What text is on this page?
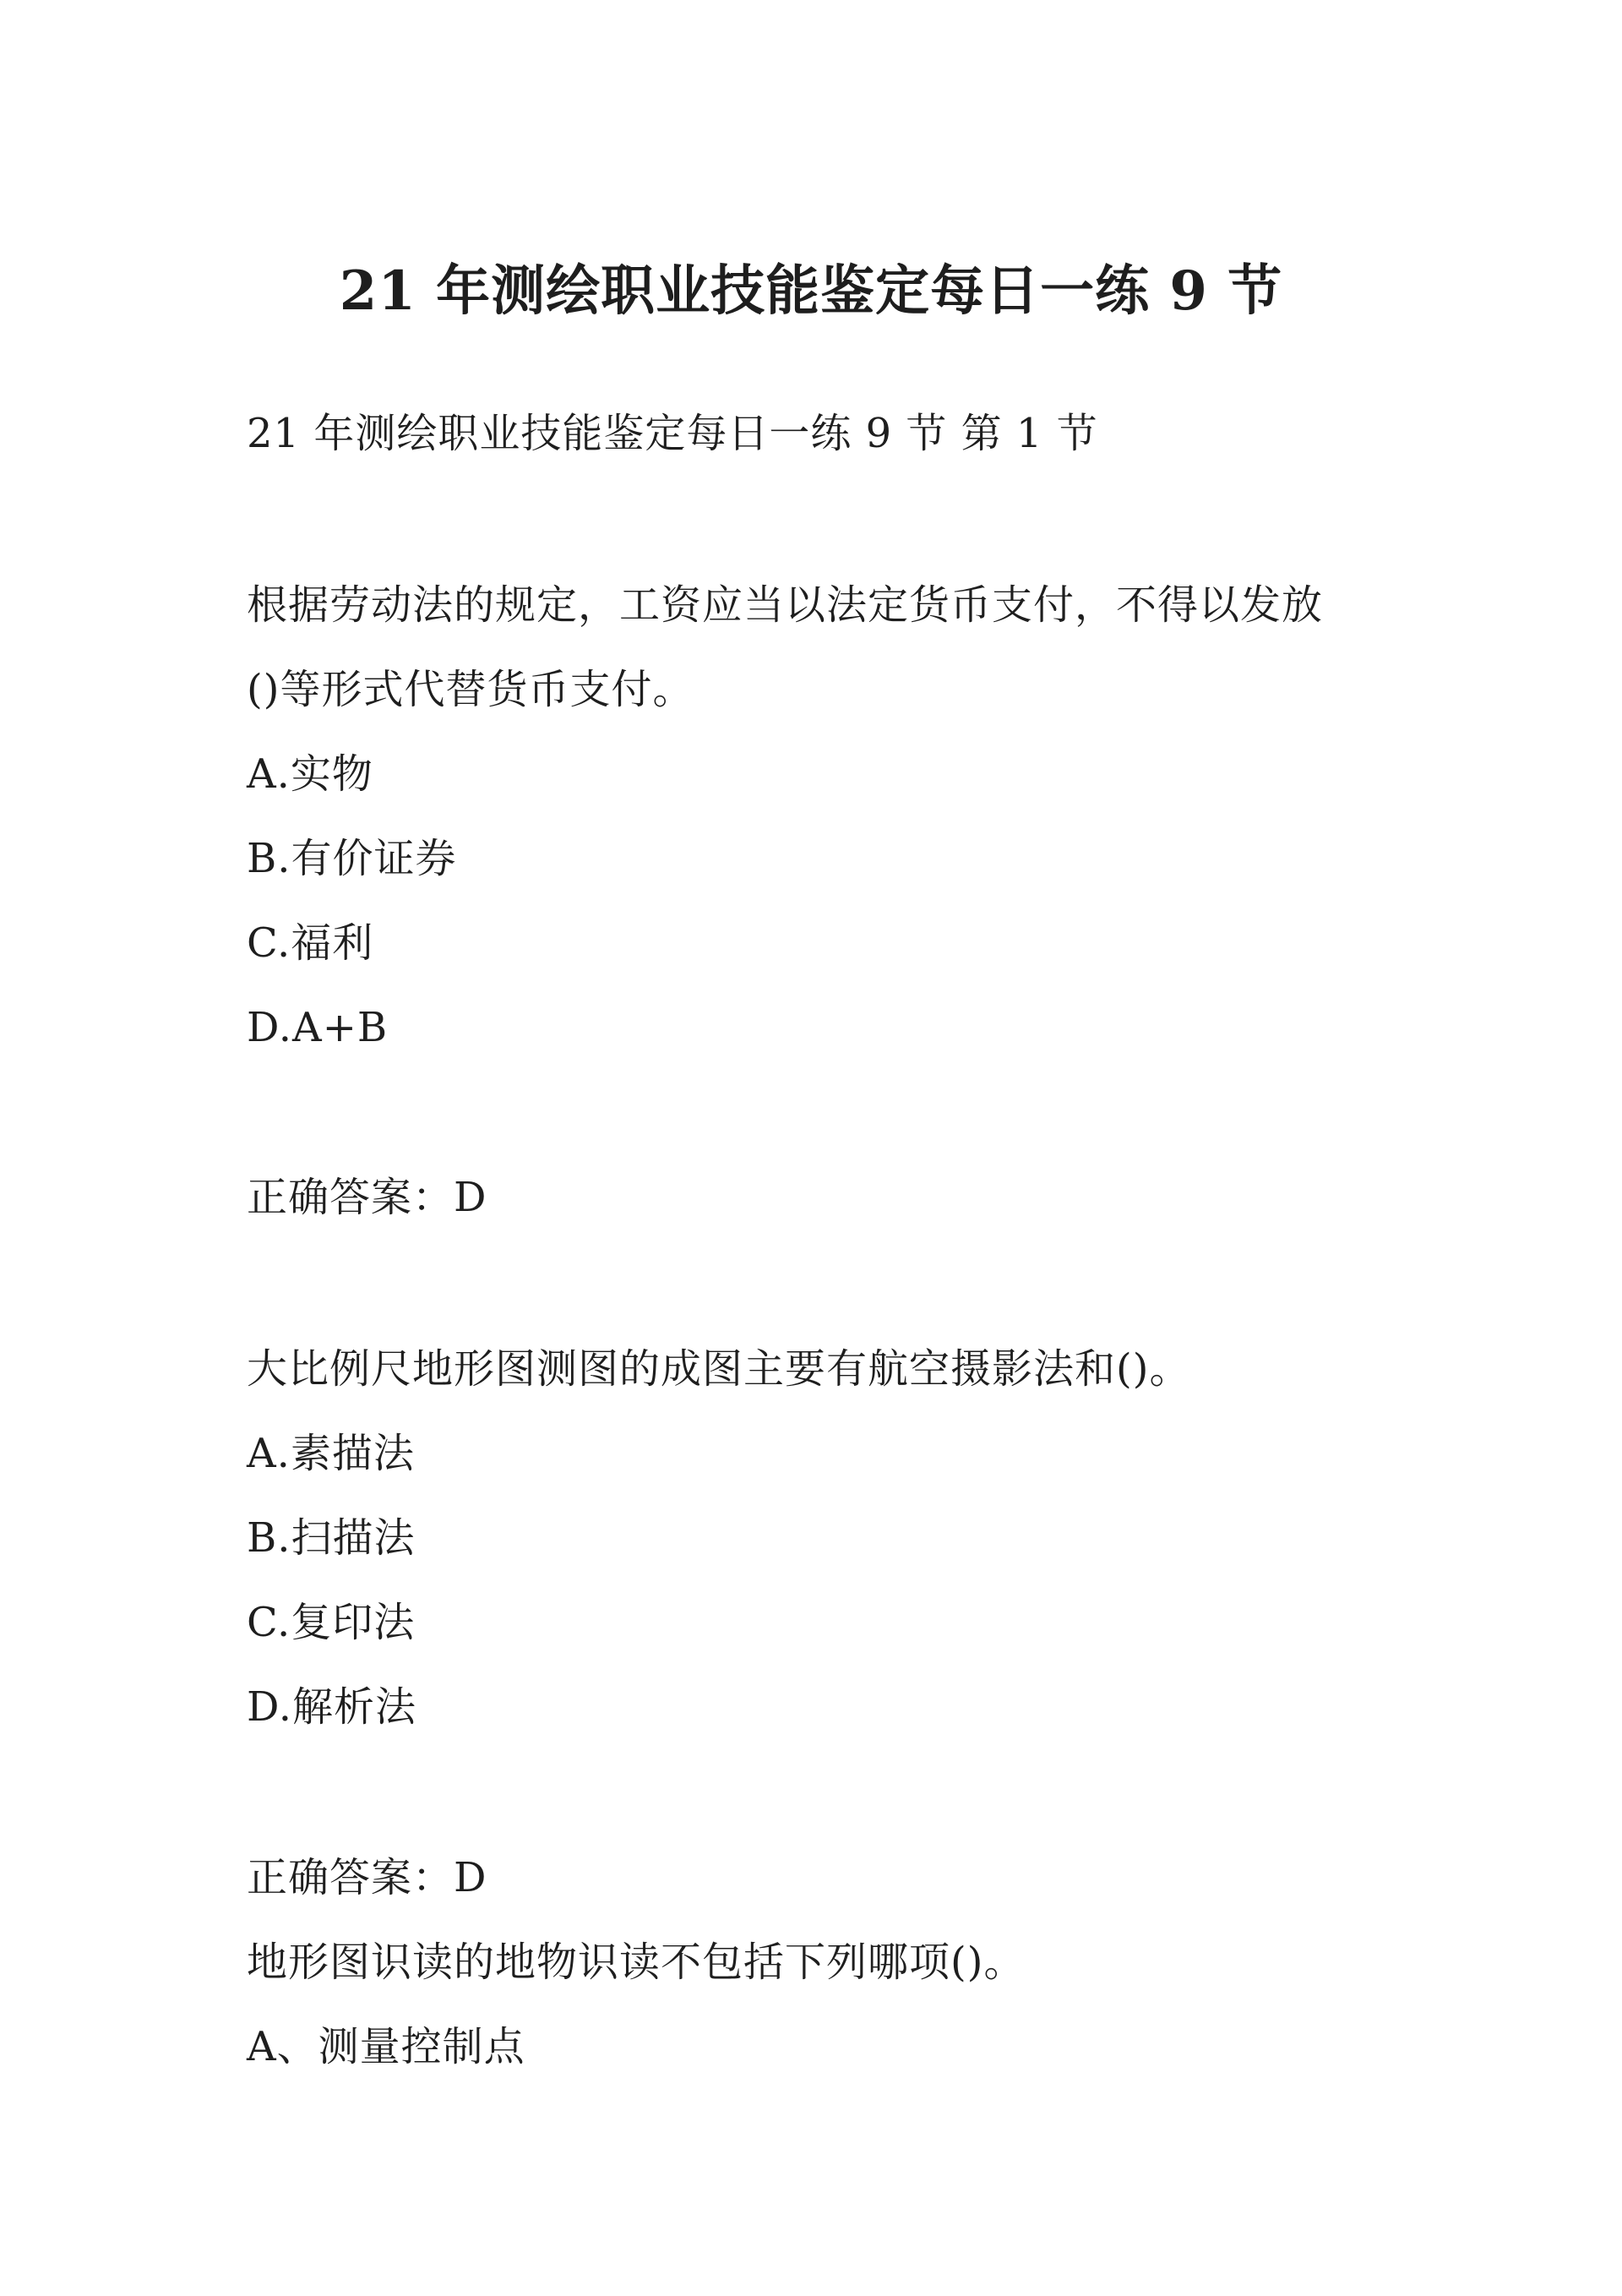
21 年测绘职业技能鉴定每日一练 9 节
21 年测绘职业技能鉴定每日一练 9 节 第 1 节
根据劳动法的规定，工资应当以法定货币支付，不得以发放
()等形式代替货币支付。
A.实物
B.有价证券
C.福利
D.A+B
正确答案：D
大比例尺地形图测图的成图主要有航空摄影法和()。
A.素描法
B.扫描法
C.复印法
D.解析法
正确答案：D
地形图识读的地物识读不包括下列哪项()。
A、测量控制点
